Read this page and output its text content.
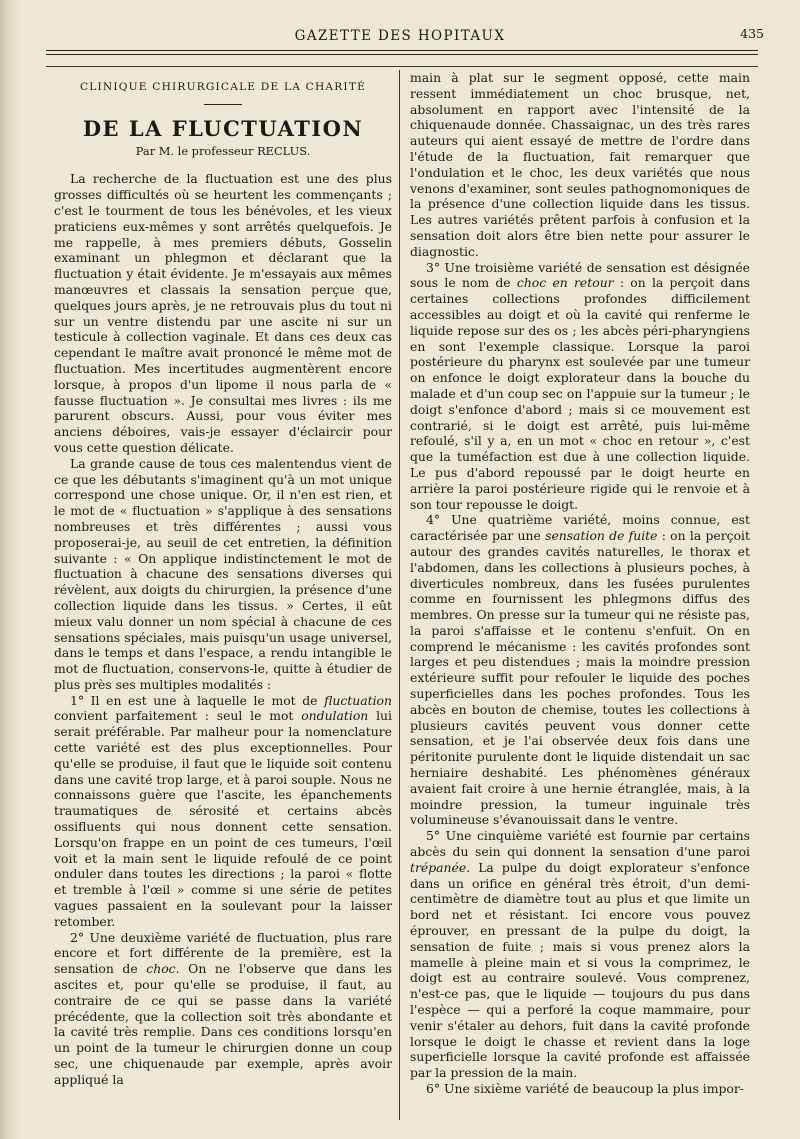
GAZETTE DES HOPITAUX	435
CLINIQUE CHIRURGICALE DE LA CHARITÉ
DE LA FLUCTUATION
Par M. le professeur RECLUS.

La recherche de la fluctuation est une des plus grosses difficultés où se heurtent les commençants ; c'est le tourment de tous les bénévoles, et les vieux praticiens eux-mêmes y sont arrêtés quelquefois. Je me rappelle, à mes premiers débuts, Gosselin examinant un phlegmon et déclarant que la fluctuation y était évidente. Je m'essayais aux mêmes manœuvres et classais la sensation perçue que, quelques jours après, je ne retrouvais plus du tout ni sur un ventre distendu par une ascite ni sur un testicule à collection vaginale. Et dans ces deux cas cependant le maître avait prononcé le même mot de fluctuation. Mes incertitudes augmentèrent encore lorsque, à propos d'un lipome il nous parla de « fausse fluctuation ». Je consultai mes livres : ils me parurent obscurs. Aussi, pour vous éviter mes anciens déboires, vais-je essayer d'éclaircir pour vous cette question délicate.

La grande cause de tous ces malentendus vient de ce que les débutants s'imaginent qu'à un mot unique correspond une chose unique. Or, il n'en est rien, et le mot de « fluctuation » s'applique à des sensations nombreuses et très différentes ; aussi vous proposerai-je, au seuil de cet entretien, la définition suivante : « On applique indistinctement le mot de fluctuation à chacune des sensations diverses qui révèlent, aux doigts du chirurgien, la présence d'une collection liquide dans les tissus. » Certes, il eût mieux valu donner un nom spécial à chacune de ces sensations spéciales, mais puisqu'un usage universel, dans le temps et dans l'espace, a rendu intangible le mot de fluctuation, conservons-le, quitte à étudier de plus près ses multiples modalités :

1° Il en est une à laquelle le mot de fluctuation convient parfaitement : seul le mot ondulation lui serait préférable. Par malheur pour la nomenclature cette variété est des plus exceptionnelles. Pour qu'elle se produise, il faut que le liquide soit contenu dans une cavité trop large, et à paroi souple. Nous ne connaissons guère que l'ascite, les épanchements traumatiques de sérosité et certains abcès ossifluents qui nous donnent cette sensation. Lorsqu'on frappe en un point de ces tumeurs, l'œil voit et la main sent le liquide refoulé de ce point onduler dans toutes les directions ; la paroi « flotte et tremble à l'œil » comme si une série de petites vagues passaient en la soulevant pour la laisser retomber.

2° Une deuxième variété de fluctuation, plus rare encore et fort différente de la première, est la sensation de choc. On ne l'observe que dans les ascites et, pour qu'elle se produise, il faut, au contraire de ce qui se passe dans la variété précédente, que la collection soit très abondante et la cavité très remplie. Dans ces conditions lorsqu'en un point de la tumeur le chirurgien donne un coup sec, une chiquenaude par exemple, après avoir appliqué la

main à plat sur le segment opposé, cette main ressent immédiatement un choc brusque, net, absolument en rapport avec l'intensité de la chiquenaude donnée. Chassaignac, un des très rares auteurs qui aient essayé de mettre de l'ordre dans l'étude de la fluctuation, fait remarquer que l'ondulation et le choc, les deux variétés que nous venons d'examiner, sont seules pathognomoniques de la présence d'une collection liquide dans les tissus. Les autres variétés prêtent parfois à confusion et la sensation doit alors être bien nette pour assurer le diagnostic.

3° Une troisième variété de sensation est désignée sous le nom de choc en retour : on la perçoit dans certaines collections profondes difficilement accessibles au doigt et où la cavité qui renferme le liquide repose sur des os ; les abcès péri-pharyngiens en sont l'exemple classique. Lorsque la paroi postérieure du pharynx est soulevée par une tumeur on enfonce le doigt explorateur dans la bouche du malade et d'un coup sec on l'appuie sur la tumeur ; le doigt s'enfonce d'abord ; mais si ce mouvement est contrarié, si le doigt est arrêté, puis lui-même refoulé, s'il y a, en un mot « choc en retour », c'est que la tuméfaction est due à une collection liquide. Le pus d'abord repoussé par le doigt heurte en arrière la paroi postérieure rigide qui le renvoie et à son tour repousse le doigt.

4° Une quatrième variété, moins connue, est caractérisée par une sensation de fuite : on la perçoit autour des grandes cavités naturelles, le thorax et l'abdomen, dans les collections à plusieurs poches, à diverticules nombreux, dans les fusées purulentes comme en fournissent les phlegmons diffus des membres. On presse sur la tumeur qui ne résiste pas, la paroi s'affaisse et le contenu s'enfuit. On en comprend le mécanisme : les cavités profondes sont larges et peu distendues ; mais la moindre pression extérieure suffit pour refouler le liquide des poches superficielles dans les poches profondes. Tous les abcès en bouton de chemise, toutes les collections à plusieurs cavités peuvent vous donner cette sensation, et je l'ai observée deux fois dans une péritonite purulente dont le liquide distendait un sac herniaire deshabité. Les phénomènes généraux avaient fait croire à une hernie étranglée, mais, à la moindre pression, la tumeur inguinale très volumineuse s'évanouissait dans le ventre.

5° Une cinquième variété est fournie par certains abcès du sein qui donnent la sensation d'une paroi trépanée. La pulpe du doigt explorateur s'enfonce dans un orifice en général très étroit, d'un demi-centimètre de diamètre tout au plus et que limite un bord net et résistant. Ici encore vous pouvez éprouver, en pressant de la pulpe du doigt, la sensation de fuite ; mais si vous prenez alors la mamelle à pleine main et si vous la comprimez, le doigt est au contraire soulevé. Vous comprenez, n'est-ce pas, que le liquide — toujours du pus dans l'espèce — qui a perforé la coque mammaire, pour venir s'étaler au dehors, fuit dans la cavité profonde lorsque le doigt le chasse et revient dans la loge superficielle lorsque la cavité profonde est affaissée par la pression de la main.

6° Une sixième variété de beaucoup la plus impor-
